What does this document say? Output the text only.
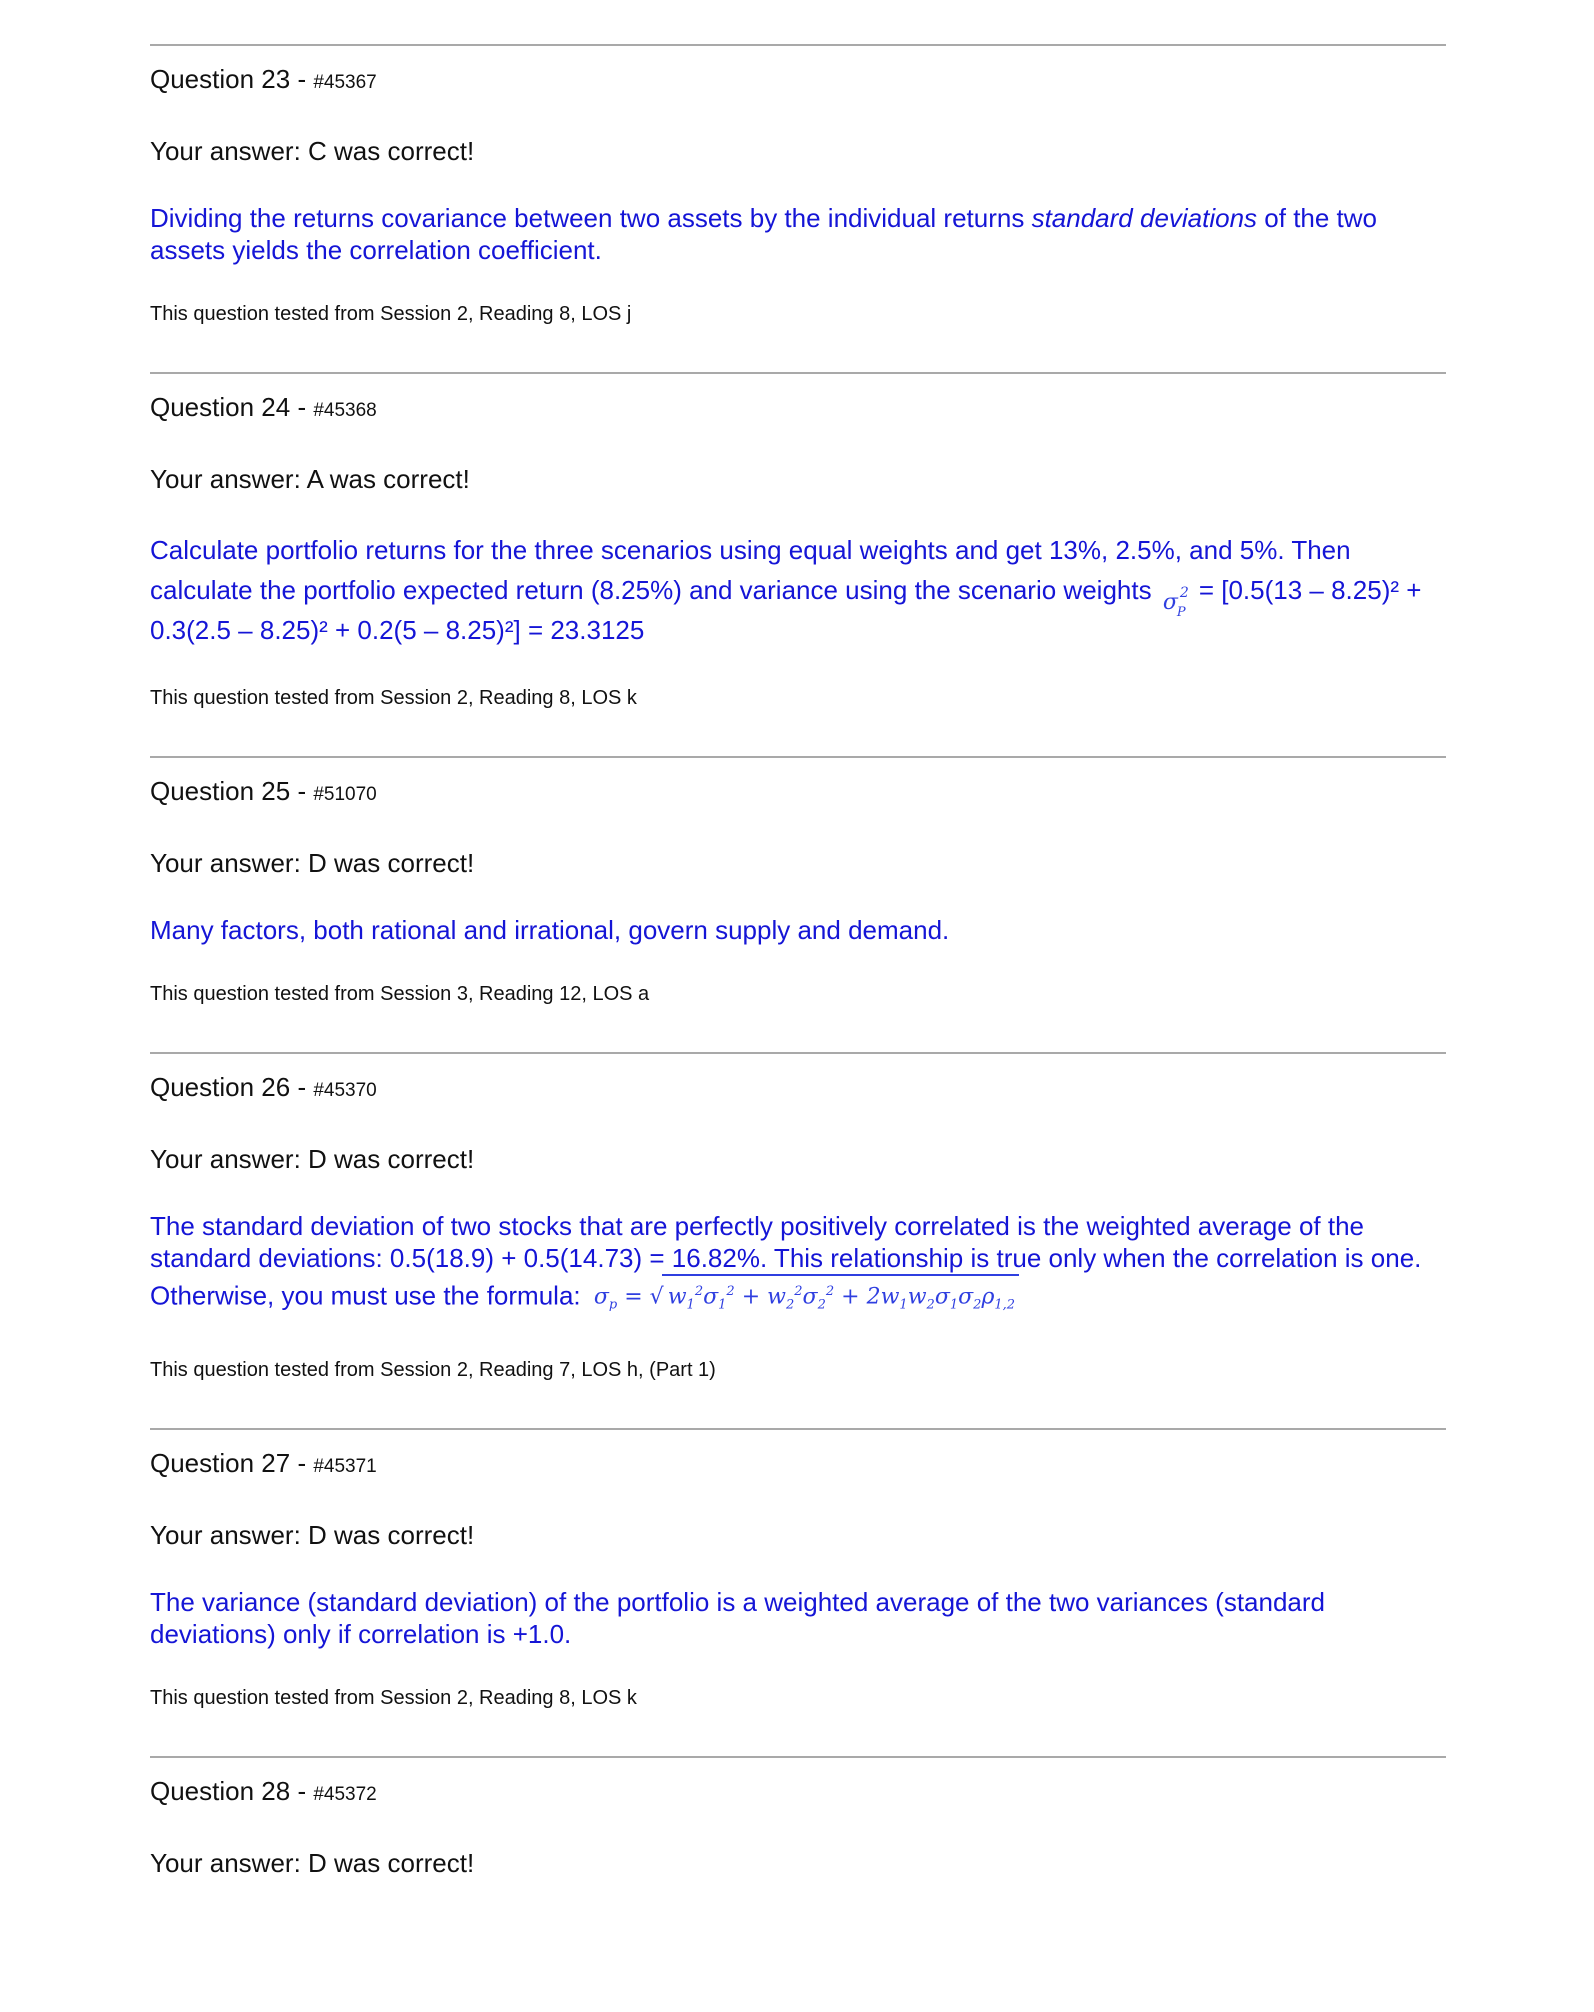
Question 23 - #45367

Your answer: C was correct!

Dividing the returns covariance between two assets by the individual returns standard deviations of the two assets yields the correlation coefficient.

This question tested from Session 2, Reading 8, LOS j

Question 24 - #45368

Your answer: A was correct!

Calculate portfolio returns for the three scenarios using equal weights and get 13%, 2.5%, and 5%. Then calculate the portfolio expected return (8.25%) and variance using the scenario weights σ
P
2 = [0.5(13 – 8.25)² + 0.3(2.5 – 8.25)² + 0.2(5 – 8.25)²] = 23.3125

This question tested from Session 2, Reading 8, LOS k

Question 25 - #51070

Your answer: D was correct!

Many factors, both rational and irrational, govern supply and demand.

This question tested from Session 3, Reading 12, LOS a

Question 26 - #45370

Your answer: D was correct!

The standard deviation of two stocks that are perfectly positively correlated is the weighted average of the standard deviations: 0.5(18.9) + 0.5(14.73) = 16.82%. This relationship is true only when the correlation is one. Otherwise, you must use the formula: $\sigma_p$ = √ $w_1^2\sigma_1^2 + w_2^2\sigma_2^2 + 2w_1w_2\sigma_1\sigma_2\rho_{1,2}$

This question tested from Session 2, Reading 7, LOS h, (Part 1)

Question 27 - #45371

Your answer: D was correct!

The variance (standard deviation) of the portfolio is a weighted average of the two variances (standard deviations) only if correlation is +1.0.

This question tested from Session 2, Reading 8, LOS k

Question 28 - #45372

Your answer: D was correct!
